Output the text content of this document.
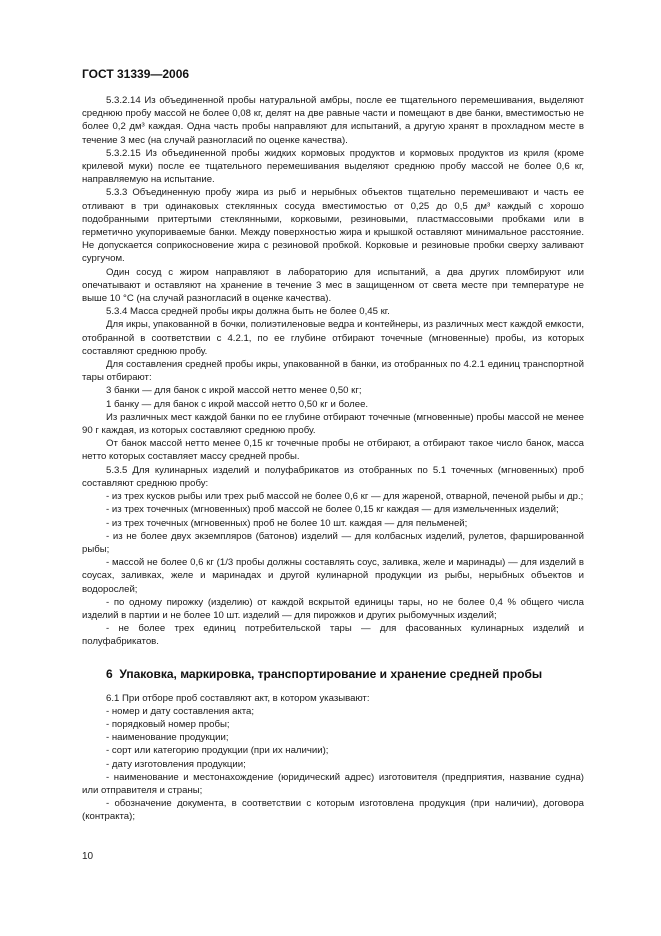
ГОСТ 31339—2006

5.3.2.14 Из объединенной пробы натуральной амбры, после ее тщательного перемешивания, выделяют среднюю пробу массой не более 0,08 кг, делят на две равные части и помещают в две банки, вместимостью не более 0,2 дм³ каждая. Одна часть пробы направляют для испытаний, а другую хранят в прохладном месте в течение 3 мес (на случай разногласий по оценке качества).

5.3.2.15 Из объединенной пробы жидких кормовых продуктов и кормовых продуктов из криля (кроме крилевой муки) после ее тщательного перемешивания выделяют среднюю пробу массой не более 0,6 кг, направляемую на испытание.

5.3.3 Объединенную пробу жира из рыб и нерыбных объектов тщательно перемешивают и часть ее отливают в три одинаковых стеклянных сосуда вместимостью от 0,25 до 0,5 дм³ каждый с хорошо подобранными притертыми стеклянными, корковыми, резиновыми, пластмассовыми пробками или в герметично укупориваемые банки. Между поверхностью жира и крышкой оставляют минимальное расстояние. Не допускается соприкосновение жира с резиновой пробкой. Корковые и резиновые пробки сверху заливают сургучом.

Один сосуд с жиром направляют в лабораторию для испытаний, а два других пломбируют или опечатывают и оставляют на хранение в течение 3 мес в защищенном от света месте при температуре не выше 10 °С (на случай разногласий в оценке качества).

5.3.4 Масса средней пробы икры должна быть не более 0,45 кг.

Для икры, упакованной в бочки, полиэтиленовые ведра и контейнеры, из различных мест каждой емкости, отобранной в соответствии с 4.2.1, по ее глубине отбирают точечные (мгновенные) пробы, из которых составляют среднюю пробу.

Для составления средней пробы икры, упакованной в банки, из отобранных по 4.2.1 единиц транспортной тары отбирают:

3 банки — для банок с икрой массой нетто менее 0,50 кг;

1 банку — для банок с икрой массой нетто 0,50 кг и более.

Из различных мест каждой банки по ее глубине отбирают точечные (мгновенные) пробы массой не менее 90 г каждая, из которых составляют среднюю пробу.

От банок массой нетто менее 0,15 кг точечные пробы не отбирают, а отбирают такое число банок, масса нетто которых составляет массу средней пробы.

5.3.5 Для кулинарных изделий и полуфабрикатов из отобранных по 5.1 точечных (мгновенных) проб составляют среднюю пробу:

- из трех кусков рыбы или трех рыб массой не более 0,6 кг — для жареной, отварной, печеной рыбы и др.;

- из трех точечных (мгновенных) проб массой не более 0,15 кг каждая — для измельченных изделий;

- из трех точечных (мгновенных) проб не более 10 шт. каждая — для пельменей;

- из не более двух экземпляров (батонов) изделий — для колбасных изделий, рулетов, фаршированной рыбы;

- массой не более 0,6 кг (1/3 пробы должны составлять соус, заливка, желе и маринады) — для изделий в соусах, заливках, желе и маринадах и другой кулинарной продукции из рыбы, нерыбных объектов и водорослей;

- по одному пирожку (изделию) от каждой вскрытой единицы тары, но не более 0,4 % общего числа изделий в партии и не более 10 шт. изделий — для пирожков и других рыбомучных изделий;

- не более трех единиц потребительской тары — для фасованных кулинарных изделий и полуфабрикатов.

6 Упаковка, маркировка, транспортирование и хранение средней пробы

6.1 При отборе проб составляют акт, в котором указывают:

- номер и дату составления акта;

- порядковый номер пробы;

- наименование продукции;

- сорт или категорию продукции (при их наличии);

- дату изготовления продукции;

- наименование и местонахождение (юридический адрес) изготовителя (предприятия, название судна) или отправителя и страны;

- обозначение документа, в соответствии с которым изготовлена продукция (при наличии), договора (контракта);

10
